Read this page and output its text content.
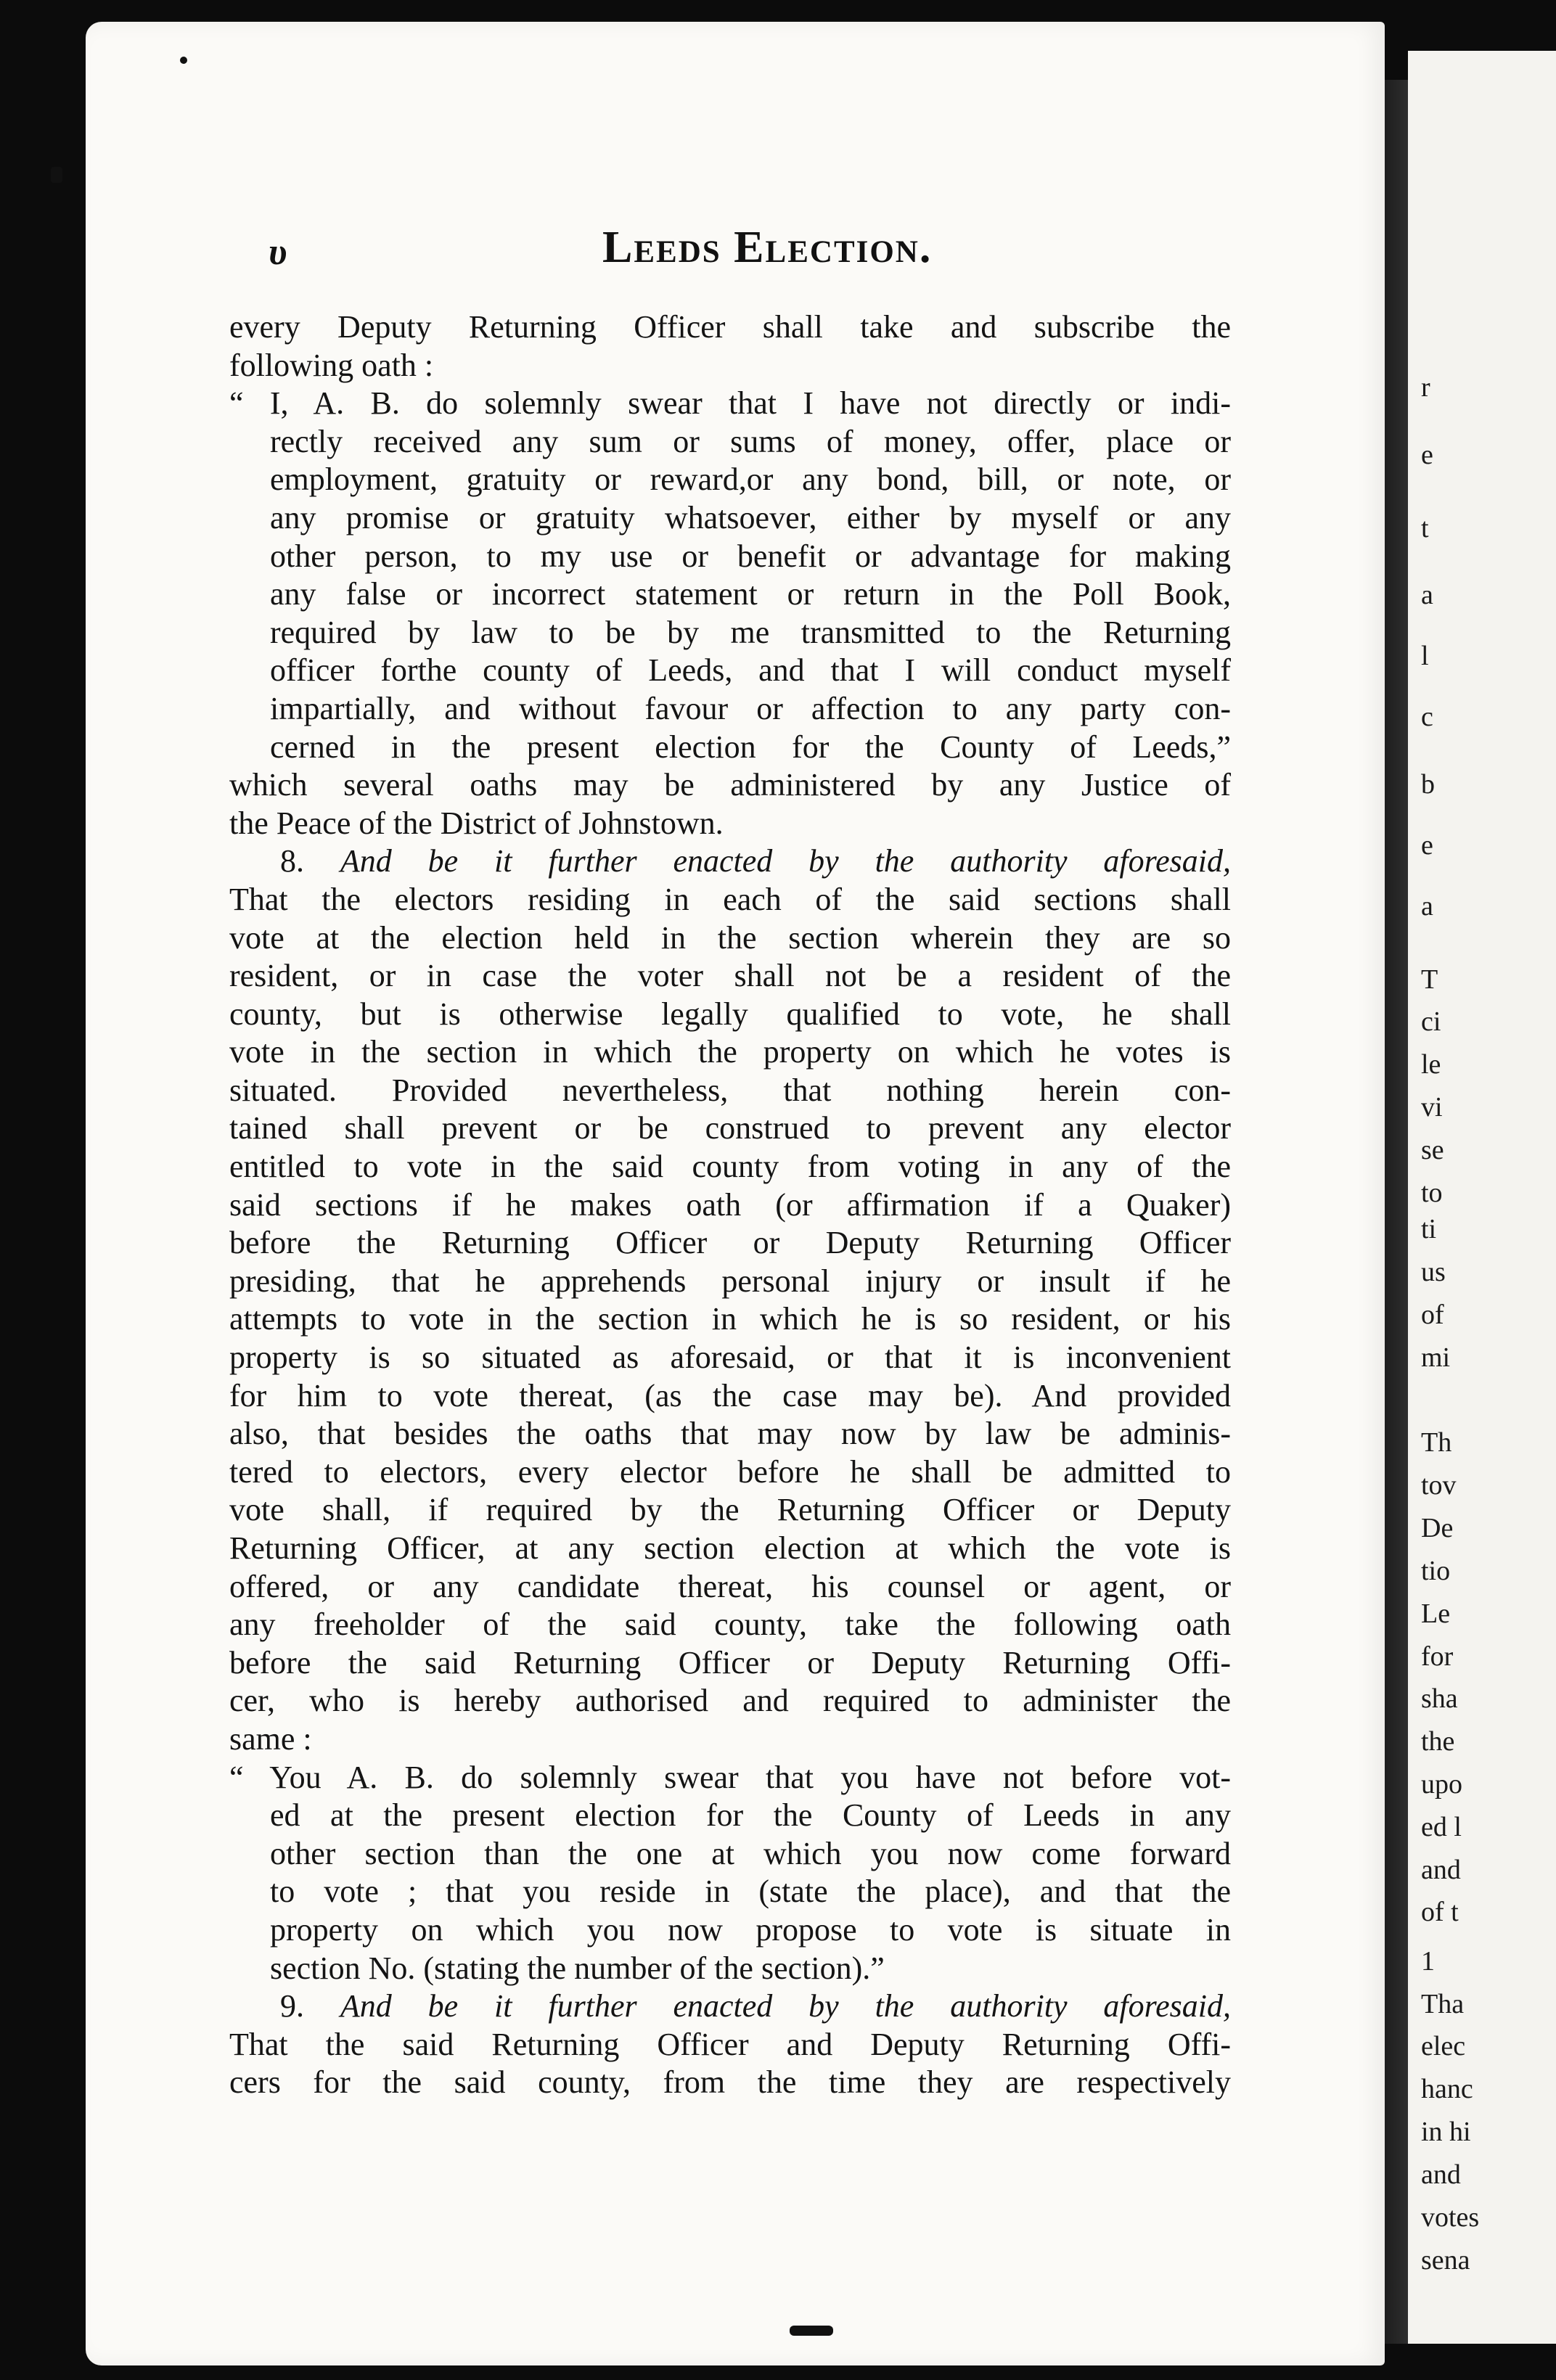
r
e
t
a
l
c
b
e
a
T
ci
le
vi
se
to
ti
us
of
mi
Th
tov
De
tio
Le
for
sha
the
upo
ed l
and
of t
1
Tha
elec
hanc
in hi
and
votes
sena
υ	Leeds Election.
every Deputy Returning Officer shall take and subscribe the
following oath :
“ I, A. B. do solemnly swear that I have not directly or indi-
rectly received any sum or sums of money, offer, place or
employment, gratuity or reward,or any bond, bill, or note, or
any promise or gratuity whatsoever, either by myself or any
other person, to my use or benefit or advantage for making
any false or incorrect statement or return in the Poll Book,
required by law to be by me transmitted to the Returning
officer forthe county of Leeds, and that I will conduct myself
impartially, and without favour or affection to any party con-
cerned in the present election for the County of Leeds,”
which several oaths may be administered by any Justice of
the Peace of the District of Johnstown.
8. And be it further enacted by the authority aforesaid,
That the electors residing in each of the said sections shall
vote at the election held in the section wherein they are so
resident, or in case the voter shall not be a resident of the
county, but is otherwise legally qualified to vote, he shall
vote in the section in which the property on which he votes is
situated. Provided nevertheless, that nothing herein con-
tained shall prevent or be construed to prevent any elector
entitled to vote in the said county from voting in any of the
said sections if he makes oath (or affirmation if a Quaker)
before the Returning Officer or Deputy Returning Officer
presiding, that he apprehends personal injury or insult if he
attempts to vote in the section in which he is so resident, or his
property is so situated as aforesaid, or that it is inconvenient
for him to vote thereat, (as the case may be). And provided
also, that besides the oaths that may now by law be adminis-
tered to electors, every elector before he shall be admitted to
vote shall, if required by the Returning Officer or Deputy
Returning Officer, at any section election at which the vote is
offered, or any candidate thereat, his counsel or agent, or
any freeholder of the said county, take the following oath
before the said Returning Officer or Deputy Returning Offi-
cer, who is hereby authorised and required to administer the
same :
“ You A. B. do solemnly swear that you have not before vot-
ed at the present election for the County of Leeds in any
other section than the one at which you now come forward
to vote ; that you reside in (state the place), and that the
property on which you now propose to vote is situate in
section No. (stating the number of the section).”
9. And be it further enacted by the authority aforesaid,
That the said Returning Officer and Deputy Returning Offi-
cers for the said county, from the time they are respectively
